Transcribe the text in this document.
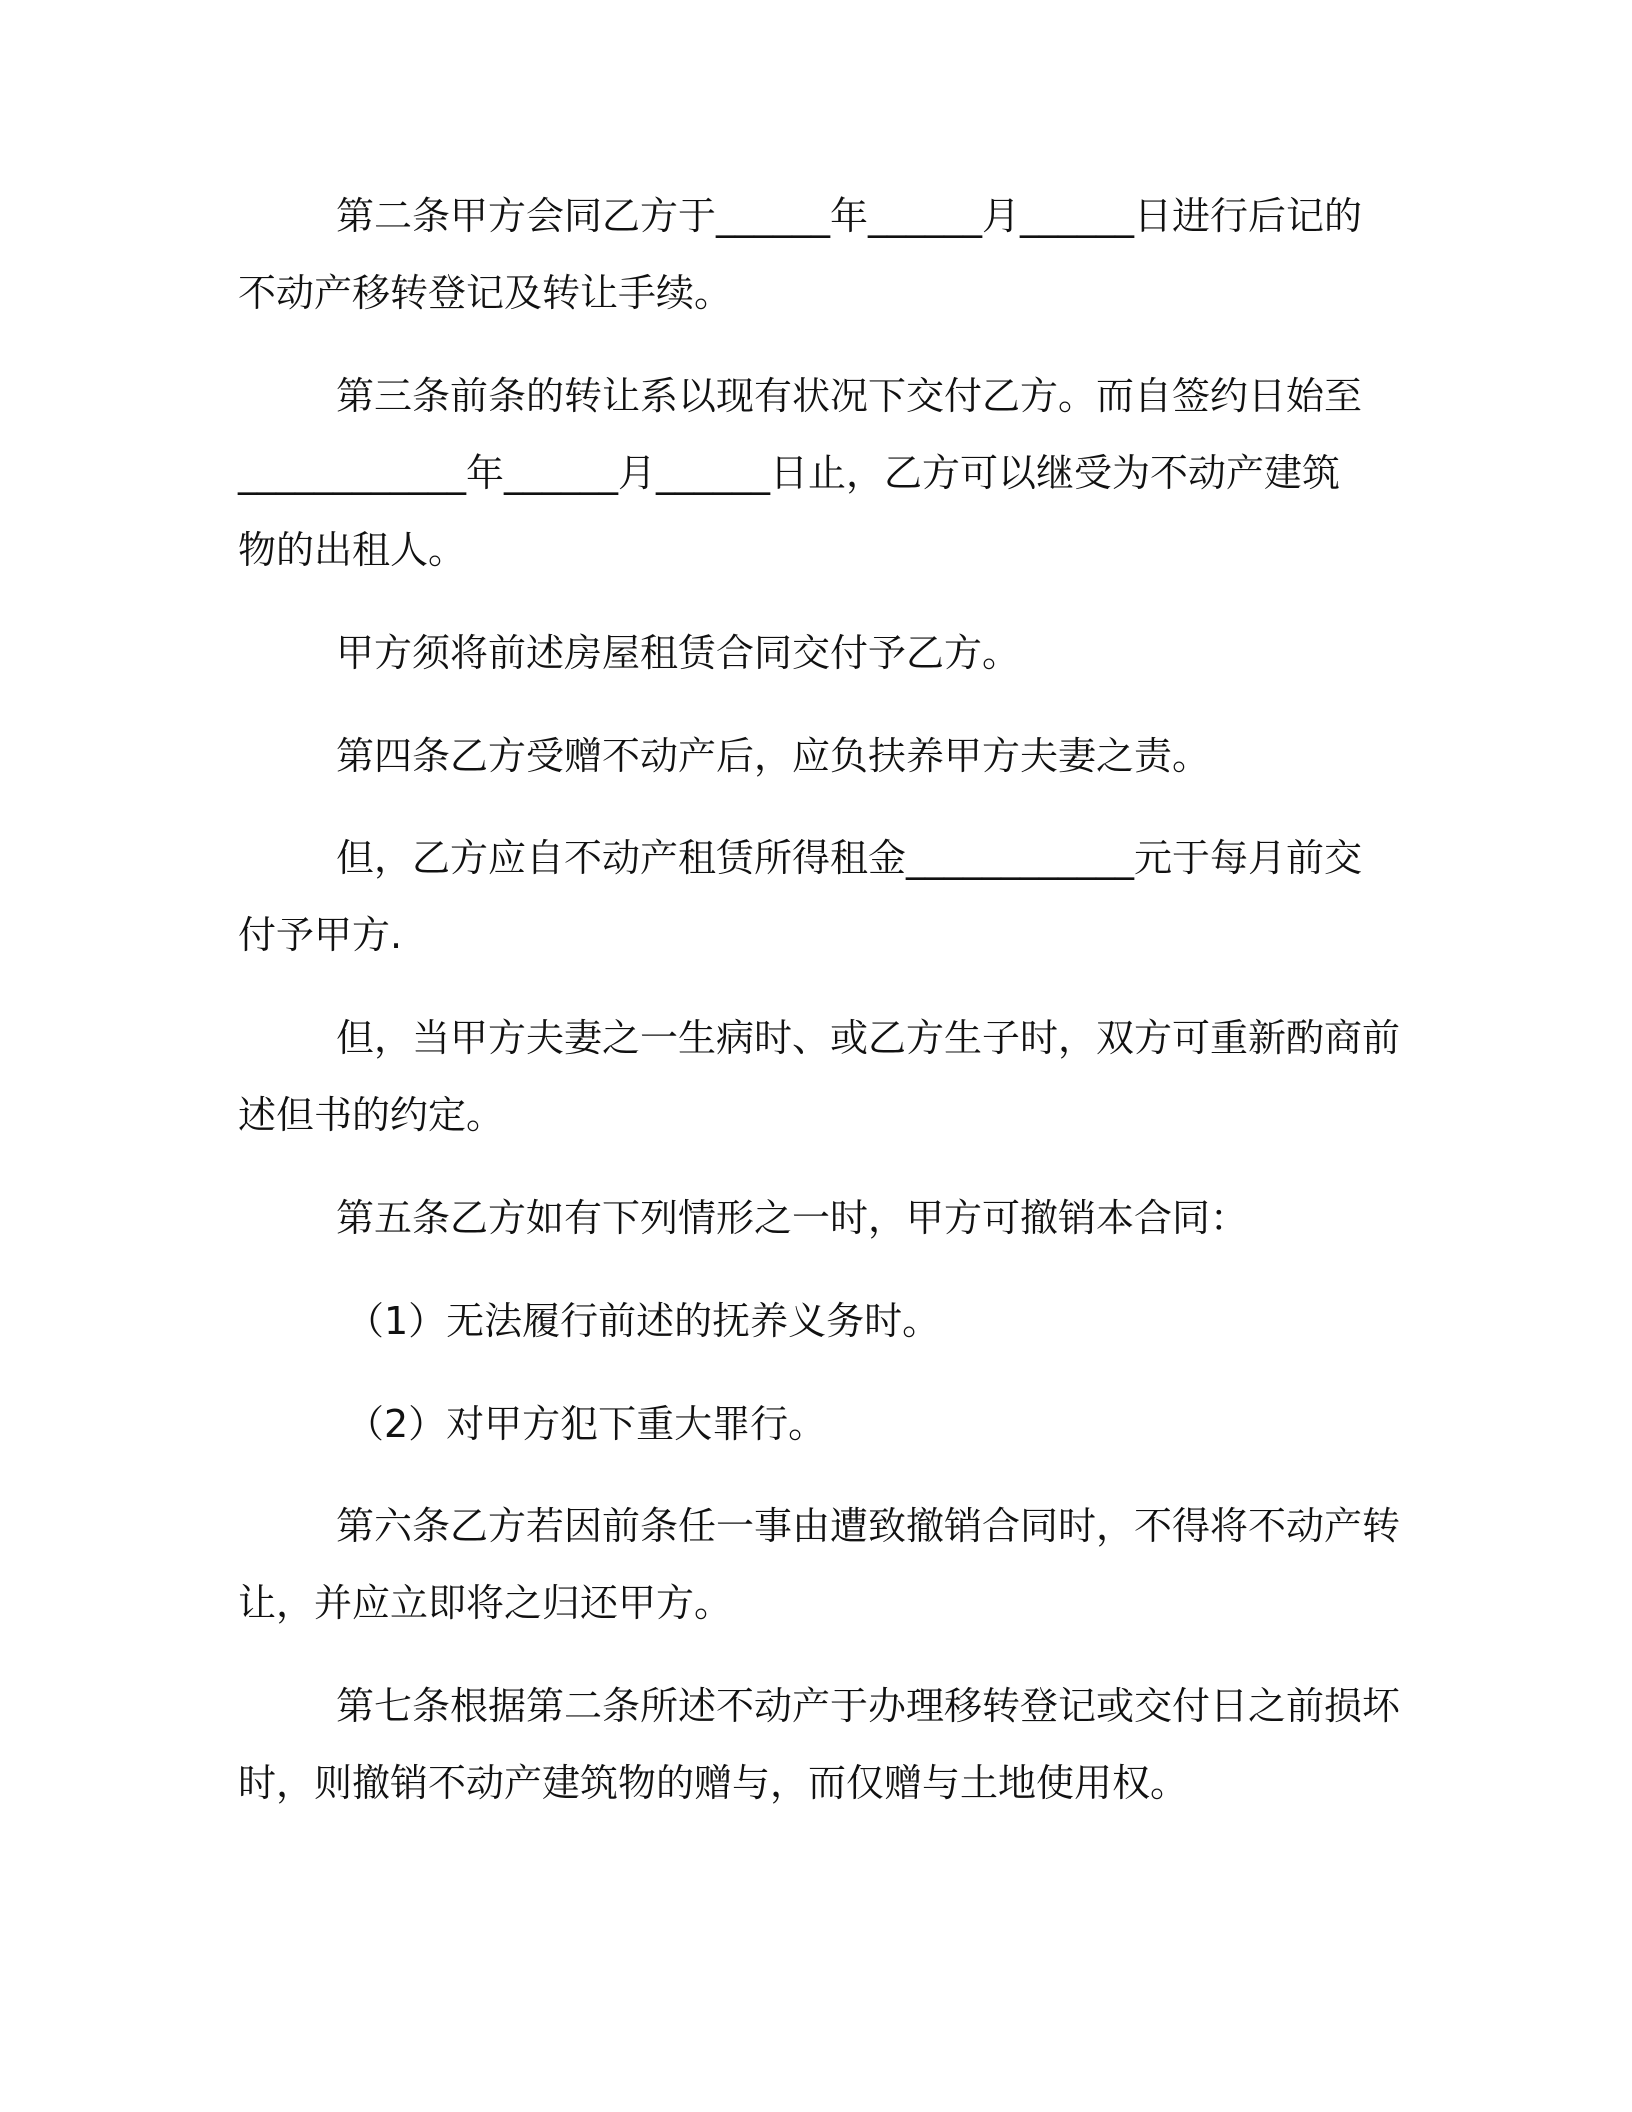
第二条甲方会同乙方于______年______月______日进行后记的
不动产移转登记及转让手续。

第三条前条的转让系以现有状况下交付乙方。而自签约日始至
____________年______月______日止，乙方可以继受为不动产建筑
物的出租人。

甲方须将前述房屋租赁合同交付予乙方。

第四条乙方受赠不动产后，应负扶养甲方夫妻之责。

但，乙方应自不动产租赁所得租金____________元于每月前交
付予甲方.

但，当甲方夫妻之一生病时、或乙方生子时，双方可重新酌商前
述但书的约定。

第五条乙方如有下列情形之一时，甲方可撤销本合同：

（1）无法履行前述的抚养义务时。

（2）对甲方犯下重大罪行。

第六条乙方若因前条任一事由遭致撤销合同时，不得将不动产转
让，并应立即将之归还甲方。

第七条根据第二条所述不动产于办理移转登记或交付日之前损坏
时，则撤销不动产建筑物的赠与，而仅赠与土地使用权。
